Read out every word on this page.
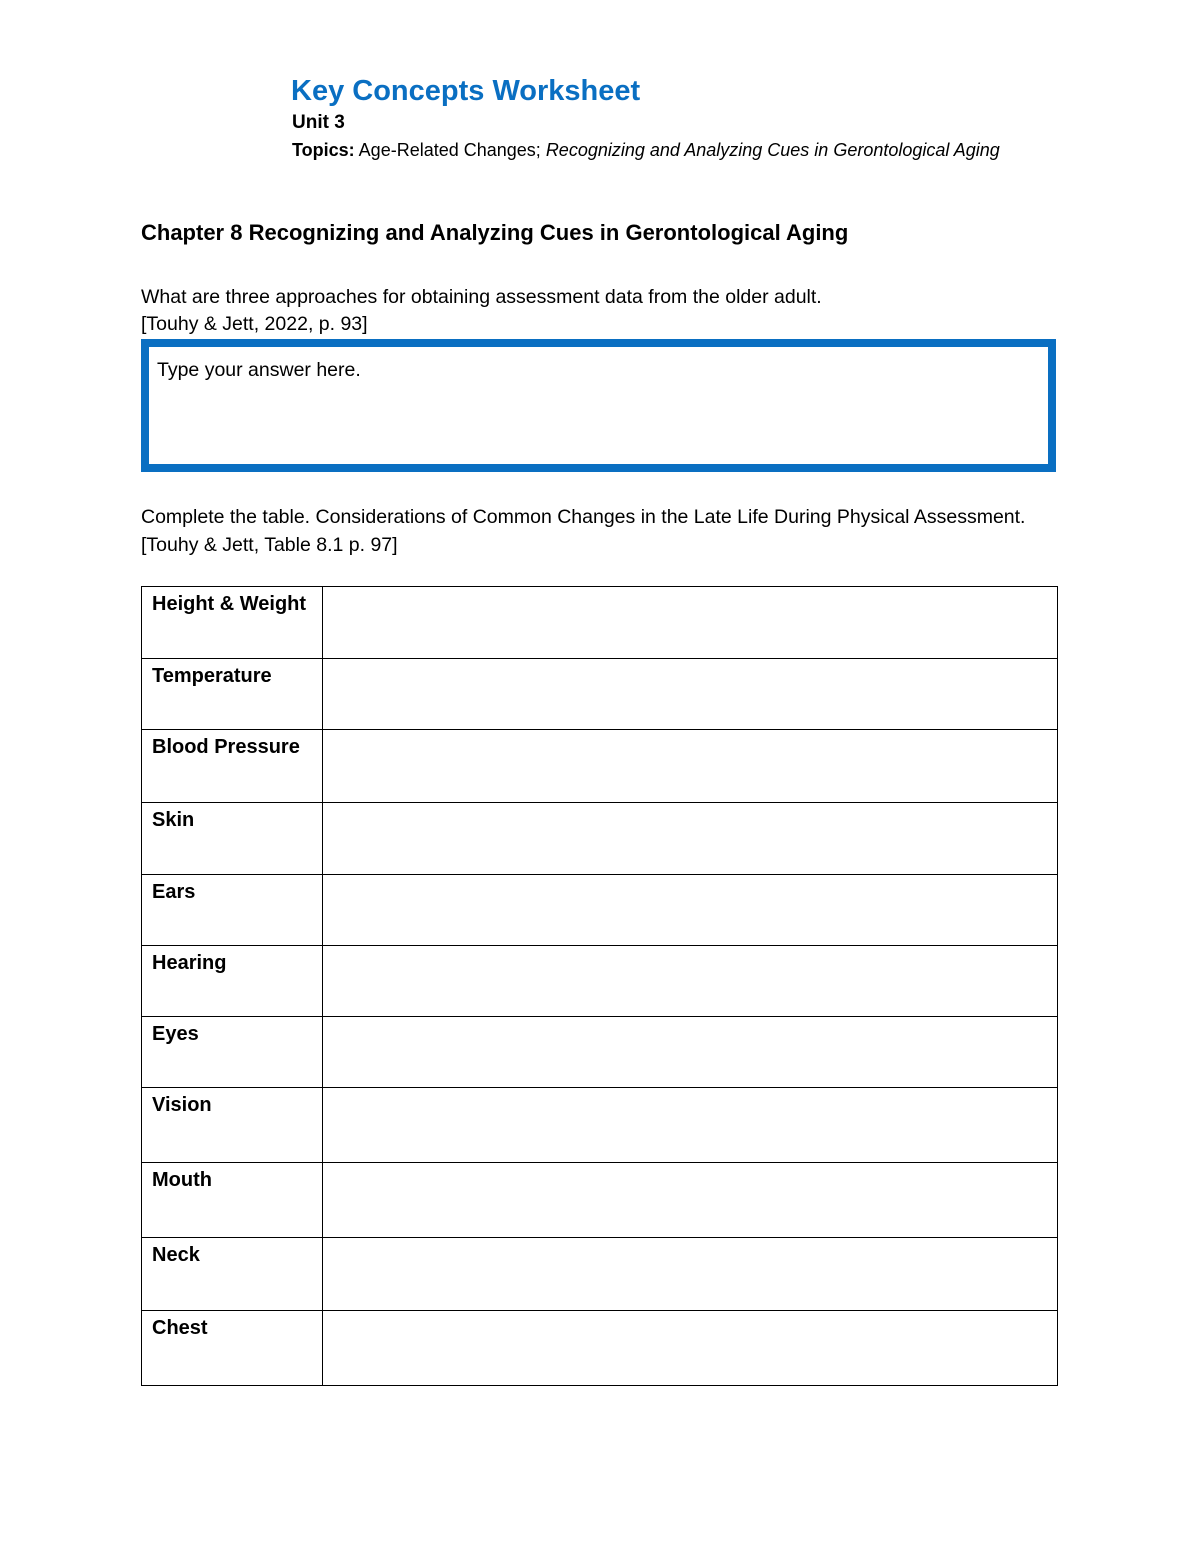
Key Concepts Worksheet
Unit 3
Topics: Age-Related Changes; Recognizing and Analyzing Cues in Gerontological Aging
Chapter 8 Recognizing and Analyzing Cues in Gerontological Aging
What are three approaches for obtaining assessment data from the older adult.
[Touhy & Jett, 2022, p. 93]
Type your answer here.
Complete the table. Considerations of Common Changes in the Late Life During Physical Assessment. [Touhy & Jett, Table 8.1 p. 97]
Height & Weight	
Temperature	
Blood Pressure	
Skin	
Ears	
Hearing	
Eyes	
Vision	
Mouth	
Neck	
Chest	
